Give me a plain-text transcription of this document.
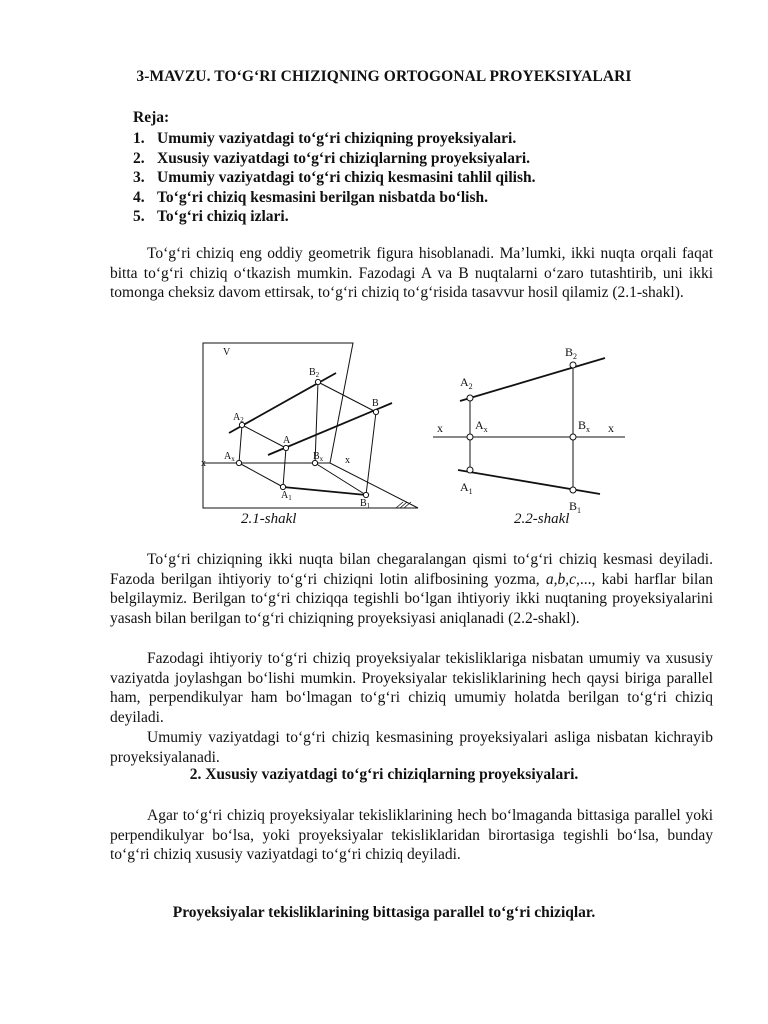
3-MAVZU. TO‘G‘RI CHIZIQNING ORTOGONAL PROYEKSIYALARI
Reja:
1. Umumiy vaziyatdagi to‘g‘ri chiziqning proyeksiyalari.
2. Xususiy vaziyatdagi to‘g‘ri chiziqlarning proyeksiyalari.
3. Umumiy vaziyatdagi to‘g‘ri chiziq kesmasini tahlil qilish.
4. To‘g‘ri chiziq kesmasini berilgan nisbatda bo‘lish.
5. To‘g‘ri chiziq izlari.

To‘g‘ri chiziq eng oddiy geometrik figura hisoblanadi. Ma’lumki, ikki nuqta orqali faqat bitta to‘g‘ri chiziq o‘tkazish mumkin. Fazodagi A va B nuqtalarni o‘zaro tutashtirib, uni ikki tomonga cheksiz davom ettirsak, to‘g‘ri chiziq to‘g‘risida tasavvur hosil qilamiz (2.1-shakl).

V
x	x
$A_2$
$B_2$
A
B
$A_x$	$B_x$
$A_1$	$B_1$
x	x
$A_2$
$B_2$
$A_x$	$B_x$
$A_1$
$B_1$
2.1-shakl	2.2-shakl

To‘g‘ri chiziqning ikki nuqta bilan chegaralangan qismi to‘g‘ri chiziq kesmasi deyiladi. Fazoda berilgan ihtiyoriy to‘g‘ri chiziqni lotin alifbosining yozma, a,b,c,..., kabi harflar bilan belgilaymiz. Berilgan to‘g‘ri chiziqqa tegishli bo‘lgan ihtiyoriy ikki nuqtaning proyeksiyalarini yasash bilan berilgan to‘g‘ri chiziqning proyeksiyasi aniqlanadi (2.2-shakl).

Fazodagi ihtiyoriy to‘g‘ri chiziq proyeksiyalar tekisliklariga nisbatan umumiy va xususiy vaziyatda joylashgan bo‘lishi mumkin. Proyeksiyalar tekisliklarining hech qaysi biriga parallel ham, perpendikulyar ham bo‘lmagan to‘g‘ri chiziq umumiy holatda berilgan to‘g‘ri chiziq deyiladi.

Umumiy vaziyatdagi to‘g‘ri chiziq kesmasining proyeksiyalari asliga nisbatan kichrayib proyeksiyalanadi.

2. Xususiy vaziyatdagi to‘g‘ri chiziqlarning proyeksiyalari.

Agar to‘g‘ri chiziq proyeksiyalar tekisliklarining hech bo‘lmaganda bittasiga parallel yoki perpendikulyar bo‘lsa, yoki proyeksiyalar tekisliklaridan birortasiga tegishli bo‘lsa, bunday to‘g‘ri chiziq xususiy vaziyatdagi to‘g‘ri chiziq deyiladi.

Proyeksiyalar tekisliklarining bittasiga parallel to‘g‘ri chiziqlar.
